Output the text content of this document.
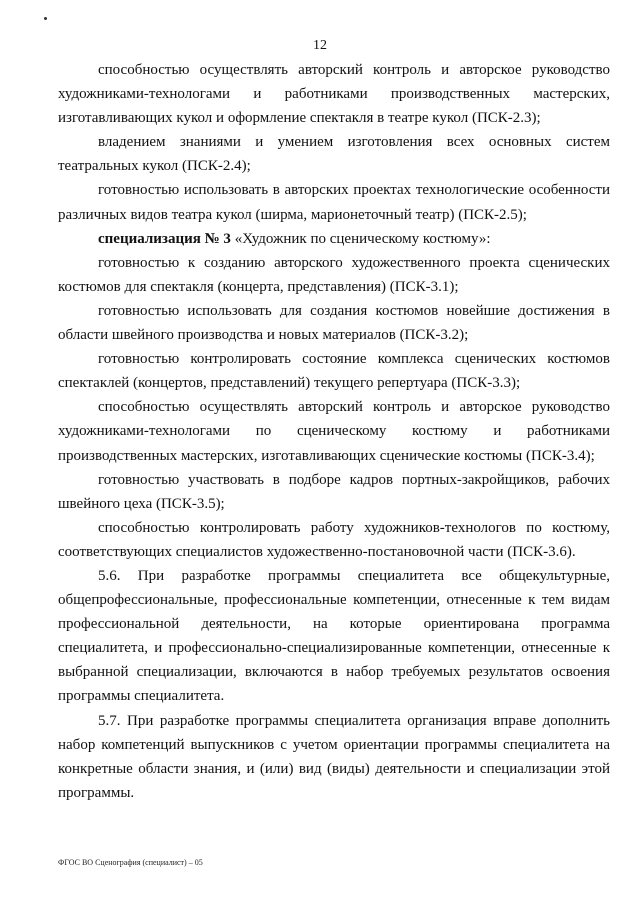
12

способностью осуществлять авторский контроль и авторское руководство художниками-технологами и работниками производственных мастерских, изготавливающих кукол и оформление спектакля в театре кукол (ПСК-2.3);

владением знаниями и умением изготовления всех основных систем театральных кукол (ПСК-2.4);

готовностью использовать в авторских проектах технологические особенности различных видов театра кукол (ширма, марионеточный театр) (ПСК-2.5);

специализация № 3 «Художник по сценическому костюму»:

готовностью к созданию авторского художественного проекта сценических костюмов для спектакля (концерта, представления) (ПСК-3.1);

готовностью использовать для создания костюмов новейшие достижения в области швейного производства и новых материалов (ПСК-3.2);

готовностью контролировать состояние комплекса сценических костюмов спектаклей (концертов, представлений) текущего репертуара (ПСК-3.3);

способностью осуществлять авторский контроль и авторское руководство художниками-технологами по сценическому костюму и работниками производственных мастерских, изготавливающих сценические костюмы (ПСК-3.4);

готовностью участвовать в подборе кадров портных-закройщиков, рабочих швейного цеха (ПСК-3.5);

способностью контролировать работу художников-технологов по костюму, соответствующих специалистов художественно-постановочной части (ПСК-3.6).

5.6. При разработке программы специалитета все общекультурные, общепрофессиональные, профессиональные компетенции, отнесенные к тем видам профессиональной деятельности, на которые ориентирована программа специалитета, и профессионально-специализированные компетенции, отнесенные к выбранной специализации, включаются в набор требуемых результатов освоения программы специалитета.

5.7. При разработке программы специалитета организация вправе дополнить набор компетенций выпускников с учетом ориентации программы специалитета на конкретные области знания, и (или) вид (виды) деятельности и специализации этой программы.

ФГОС ВО Сценография (специалист) – 05
